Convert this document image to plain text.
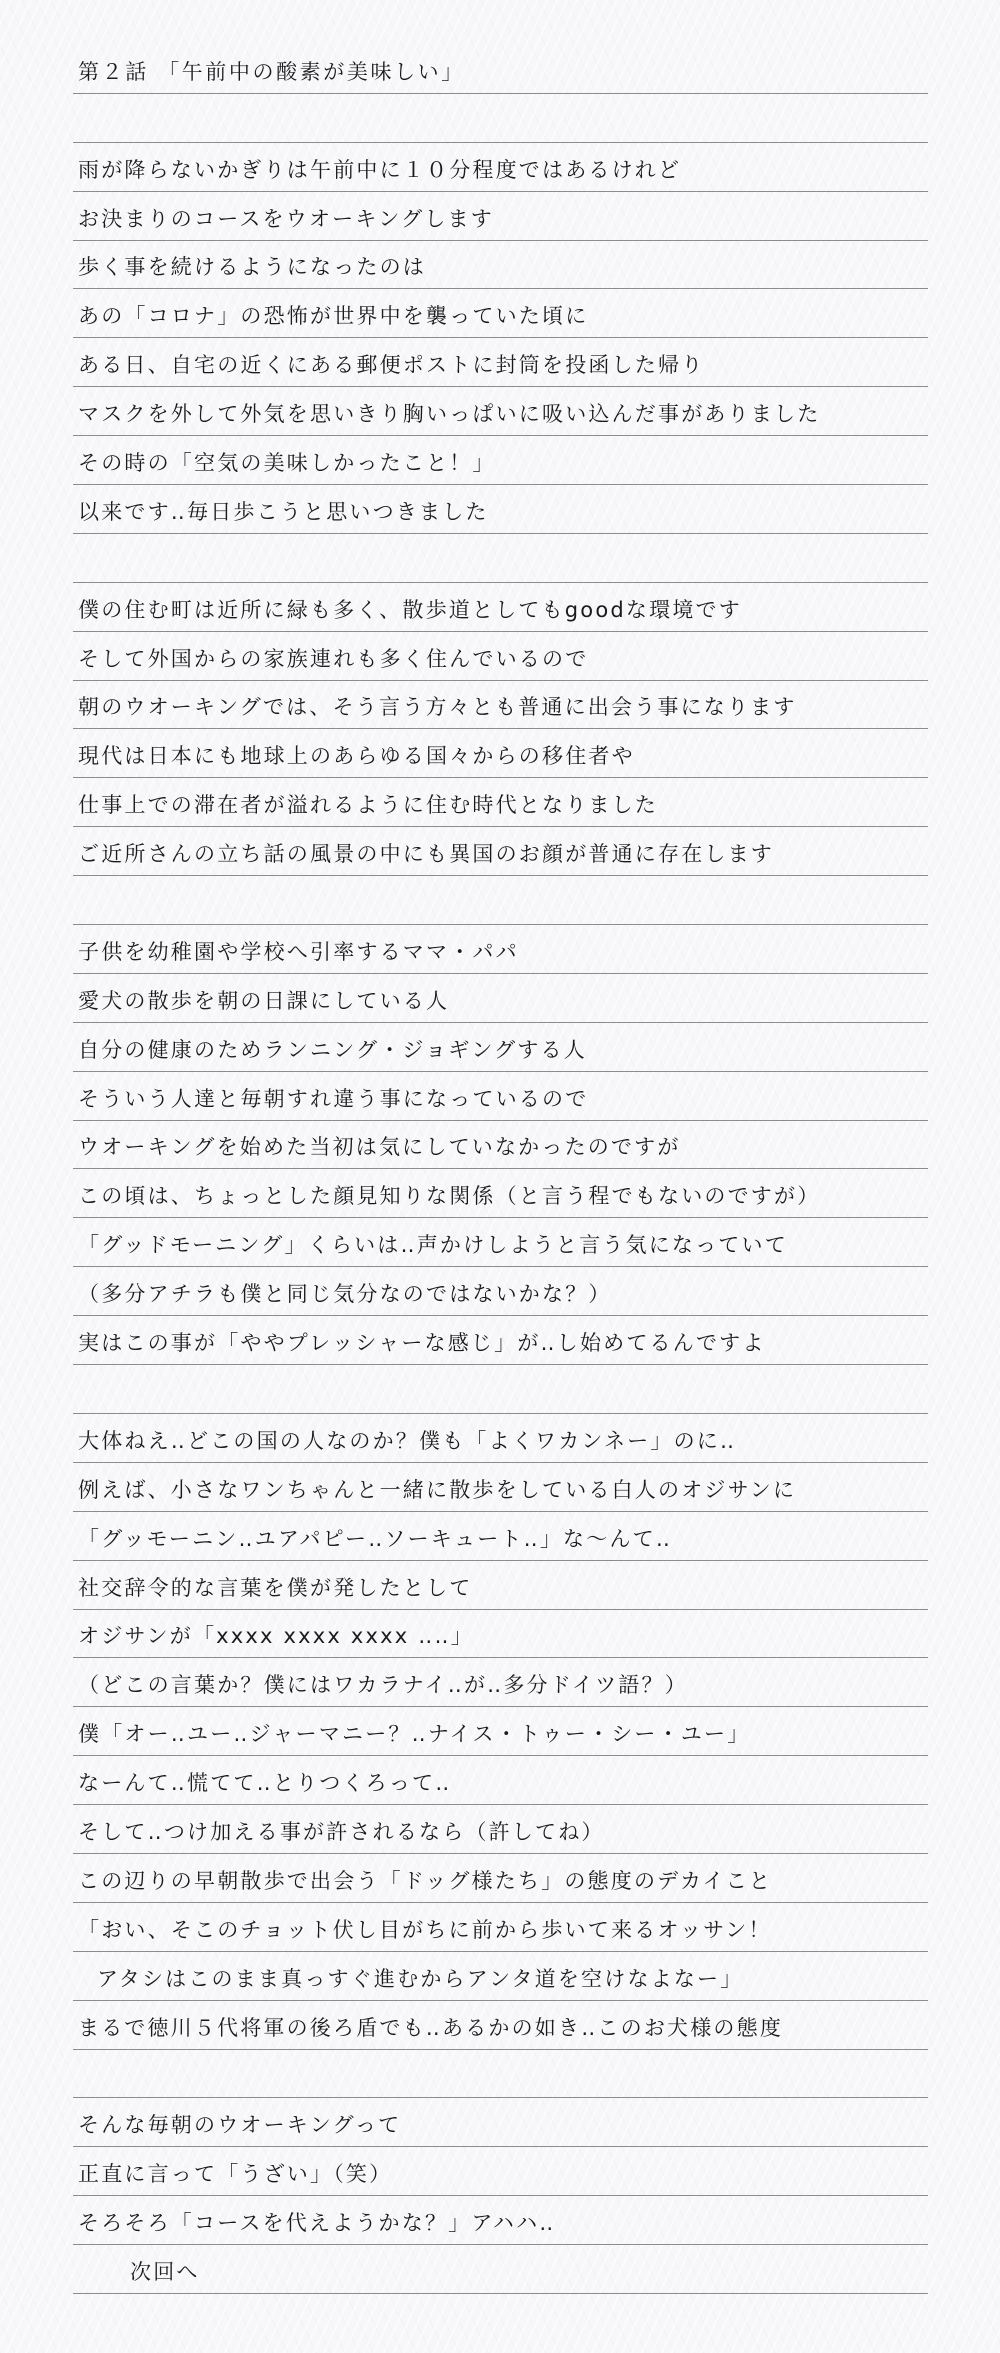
第２話 「午前中の酸素が美味しい」
雨が降らないかぎりは午前中に１０分程度ではあるけれど
お決まりのコースをウオーキングします
歩く事を続けるようになったのは
あの「コロナ」の恐怖が世界中を襲っていた頃に
ある日、自宅の近くにある郵便ポストに封筒を投函した帰り
マスクを外して外気を思いきり胸いっぱいに吸い込んだ事がありました
その時の「空気の美味しかったこと！」
以来です‥毎日歩こうと思いつきました
僕の住む町は近所に緑も多く、散歩道としてもgoodな環境です
そして外国からの家族連れも多く住んでいるので
朝のウオーキングでは、そう言う方々とも普通に出会う事になります
現代は日本にも地球上のあらゆる国々からの移住者や
仕事上での滞在者が溢れるように住む時代となりました
ご近所さんの立ち話の風景の中にも異国のお顔が普通に存在します
子供を幼稚園や学校へ引率するママ・パパ
愛犬の散歩を朝の日課にしている人
自分の健康のためランニング・ジョギングする人
そういう人達と毎朝すれ違う事になっているので
ウオーキングを始めた当初は気にしていなかったのですが
この頃は、ちょっとした顔見知りな関係（と言う程でもないのですが）
「グッドモーニング」くらいは‥声かけしようと言う気になっていて
（多分アチラも僕と同じ気分なのではないかな？）
実はこの事が「ややプレッシャーな感じ」が‥し始めてるんですよ
大体ねえ‥どこの国の人なのか？僕も「よくワカンネー」のに‥
例えば、小さなワンちゃんと一緒に散歩をしている白人のオジサンに
「グッモーニン‥ユアパピー‥ソーキュート‥」な〜んて‥
社交辞令的な言葉を僕が発したとして
オジサンが「xxxx xxxx xxxx ‥‥」
（どこの言葉か？僕にはワカラナイ‥が‥多分ドイツ語？）
僕「オー‥ユー‥ジャーマニー？‥ナイス・トゥー・シー・ユー」
なーんて‥慌てて‥とりつくろって‥
そして‥つけ加える事が許されるなら（許してね）
この辺りの早朝散歩で出会う「ドッグ様たち」の態度のデカイこと
「おい、そこのチョット伏し目がちに前から歩いて来るオッサン！
アタシはこのまま真っすぐ進むからアンタ道を空けなよなー」
まるで徳川５代将軍の後ろ盾でも‥あるかの如き‥このお犬様の態度
そんな毎朝のウオーキングって
正直に言って「うざい」（笑）
そろそろ「コースを代えようかな？」アハハ‥
次回へ
